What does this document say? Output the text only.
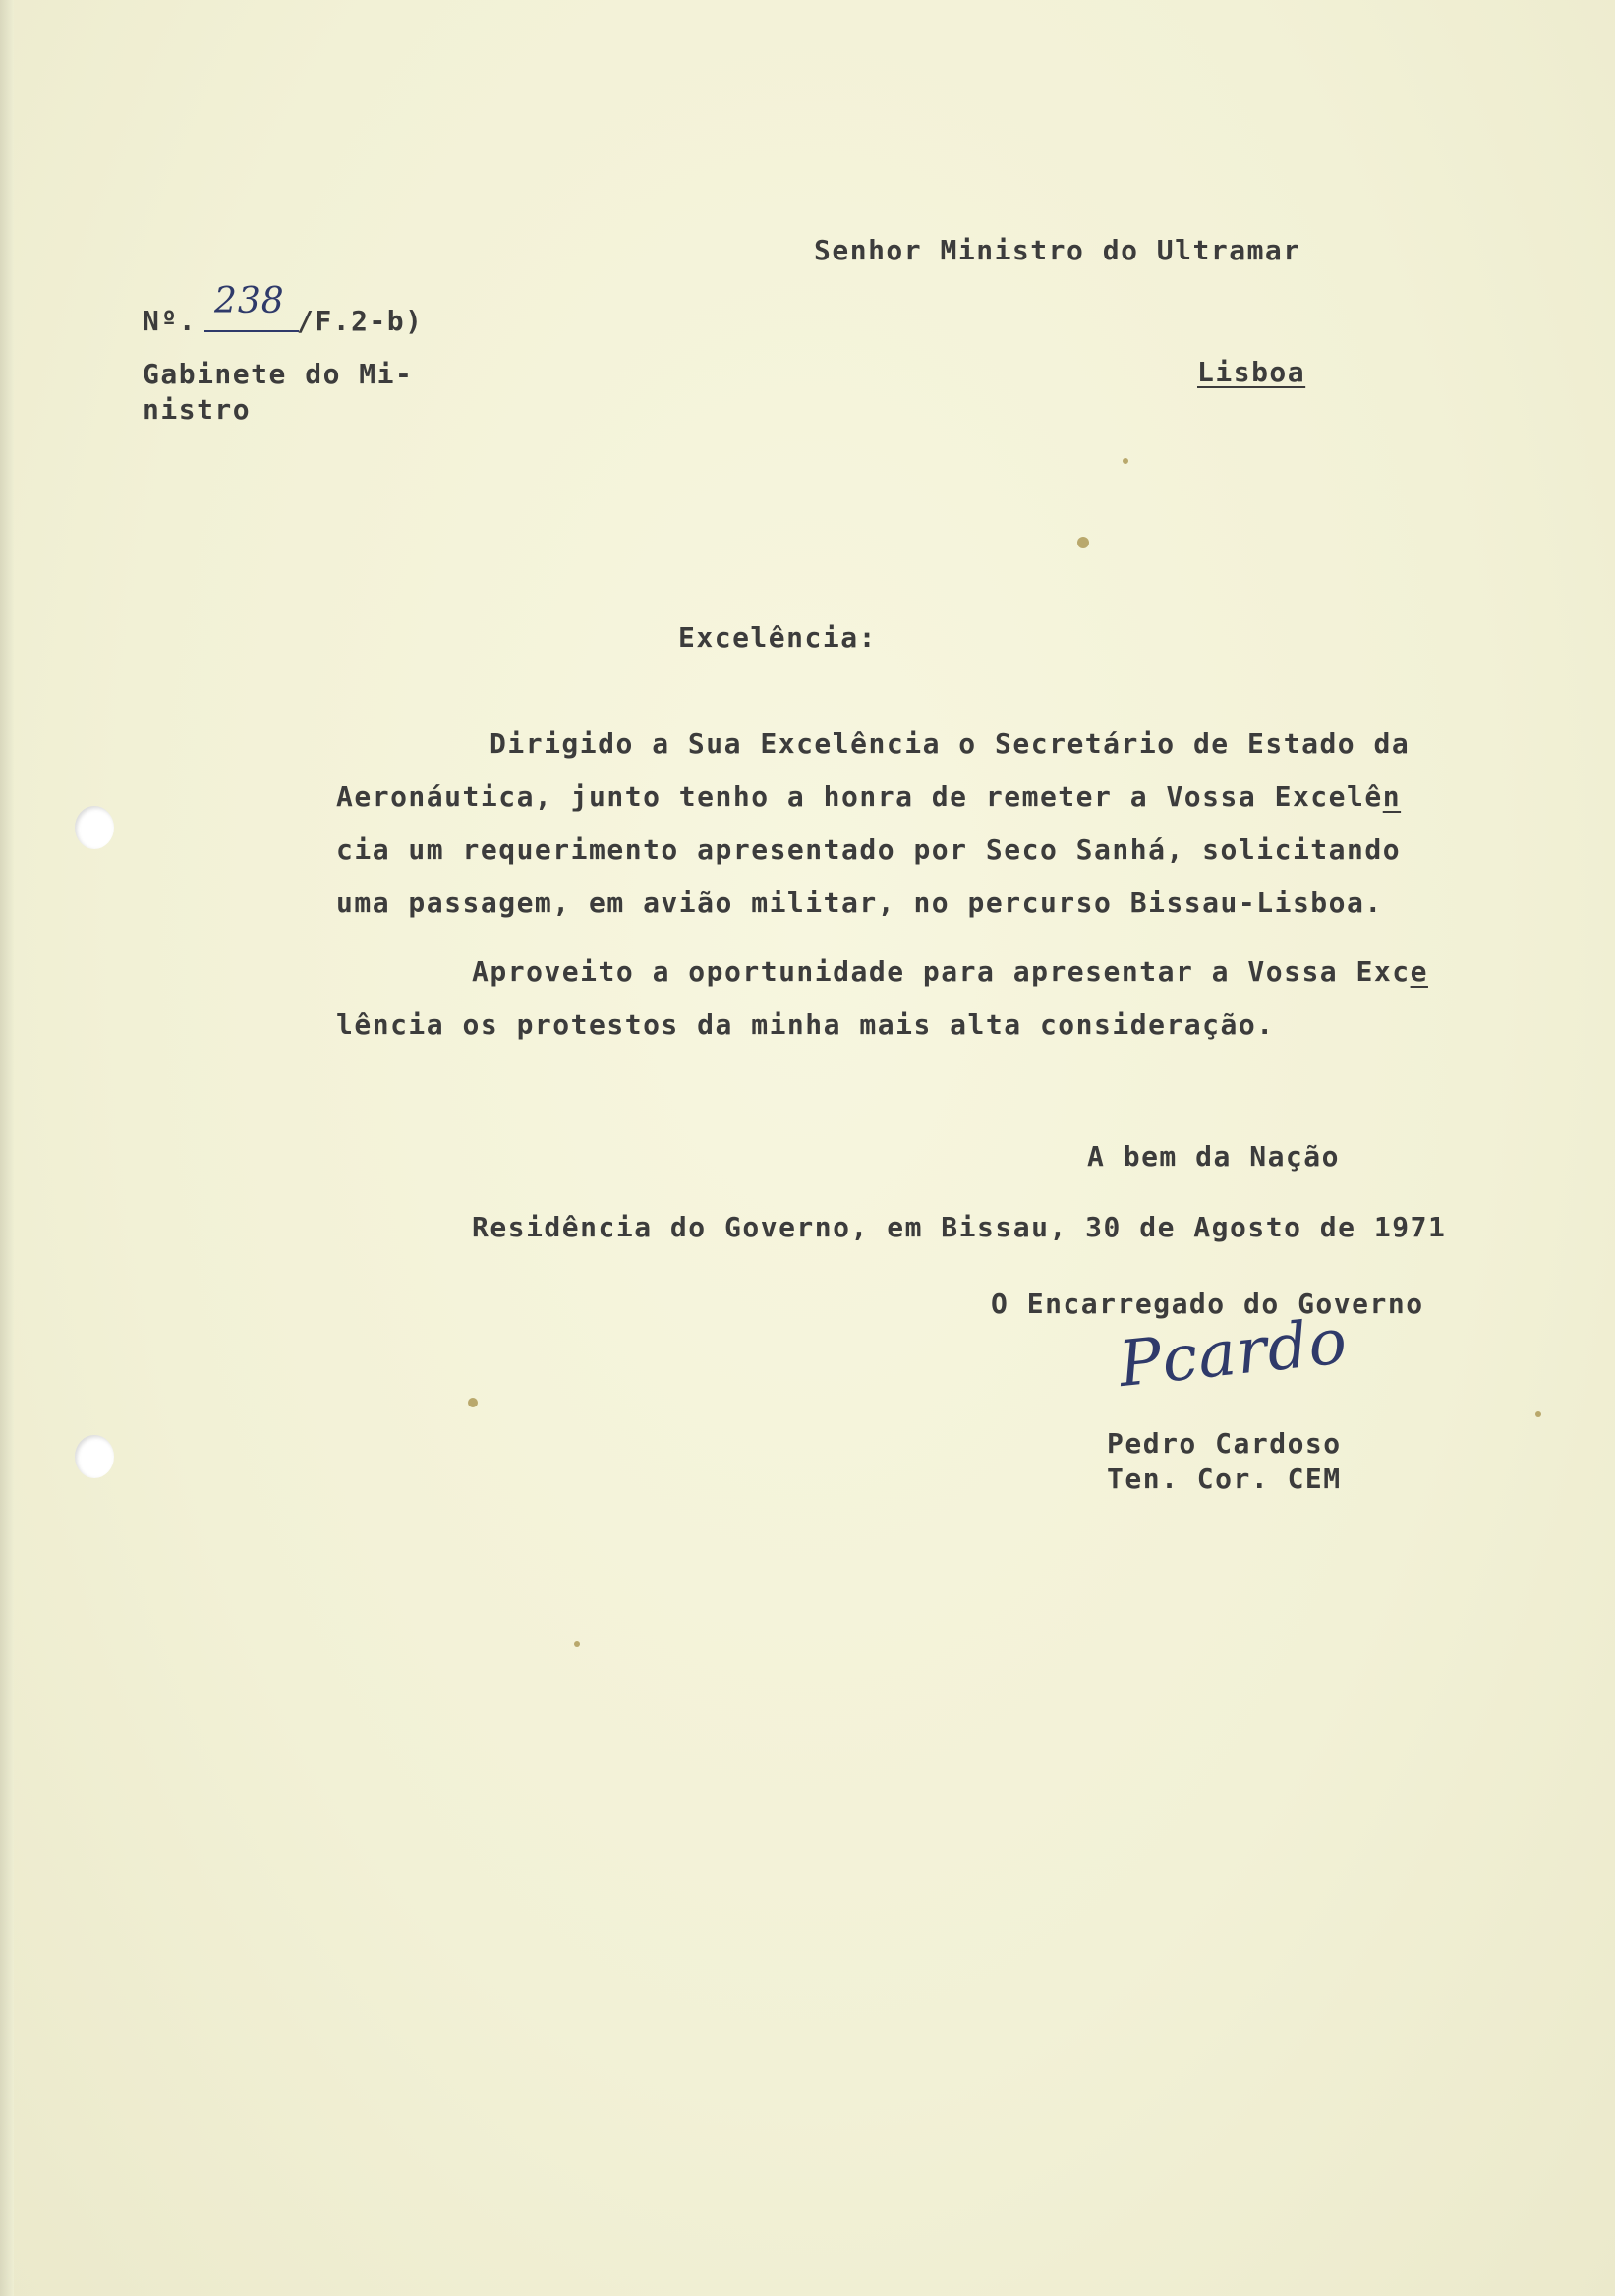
Senhor Ministro do Ultramar
Lisboa
Nº. 238 /F.2-b)
Gabinete do Mi-
nistro
Excelência:
Dirigido a Sua Excelência o Secretário de Estado da
Aeronáutica, junto tenho a honra de remeter a Vossa Excelên
cia um requerimento apresentado por Seco Sanhá, solicitando
uma passagem, em avião militar, no percurso Bissau-Lisboa.
Aproveito a oportunidade para apresentar a Vossa Exce
lência os protestos da minha mais alta consideração.
A bem da Nação
Residência do Governo, em Bissau, 30 de Agosto de 1971
O Encarregado do Governo
Pcardo
Pedro Cardoso
Ten. Cor. CEM
